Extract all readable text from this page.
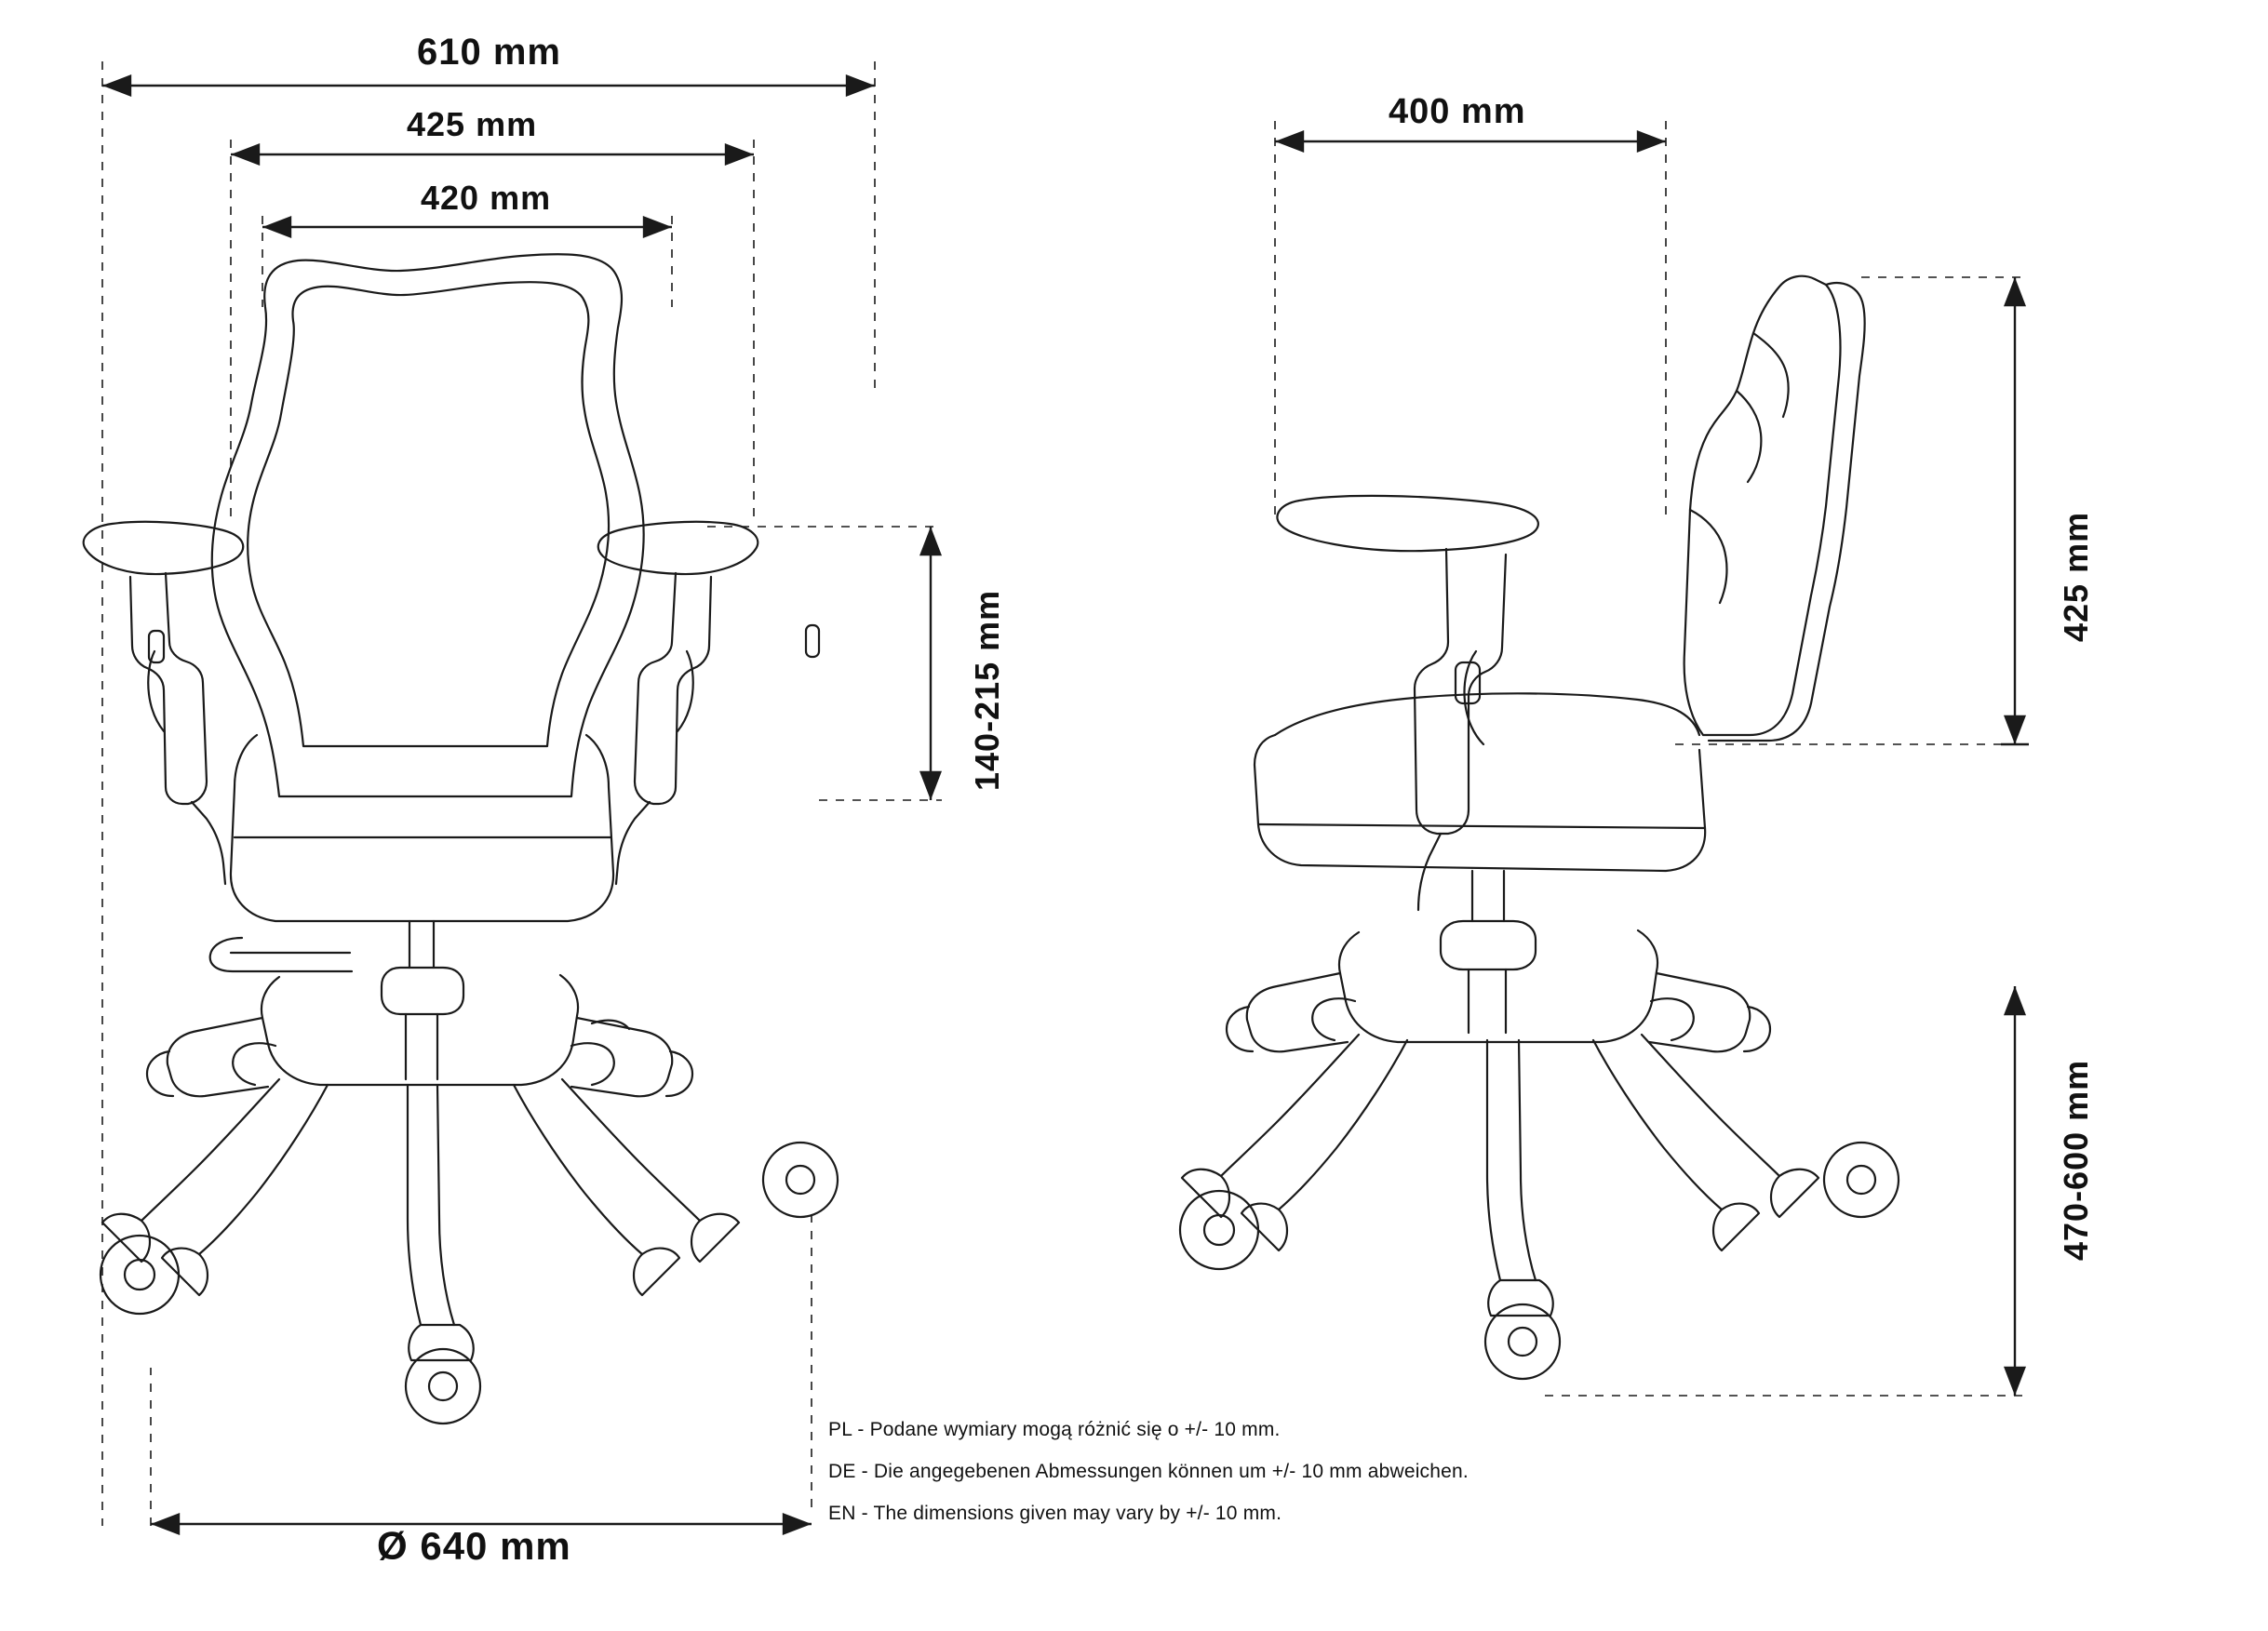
610 mm
425 mm
420 mm
400 mm
Ø 640 mm
140-215 mm
425 mm
470-600 mm
PL - Podane wymiary mogą różnić się o +/- 10 mm.
DE - Die angegebenen Abmessungen können um +/- 10 mm abweichen.
EN - The dimensions given may vary by +/- 10 mm.
